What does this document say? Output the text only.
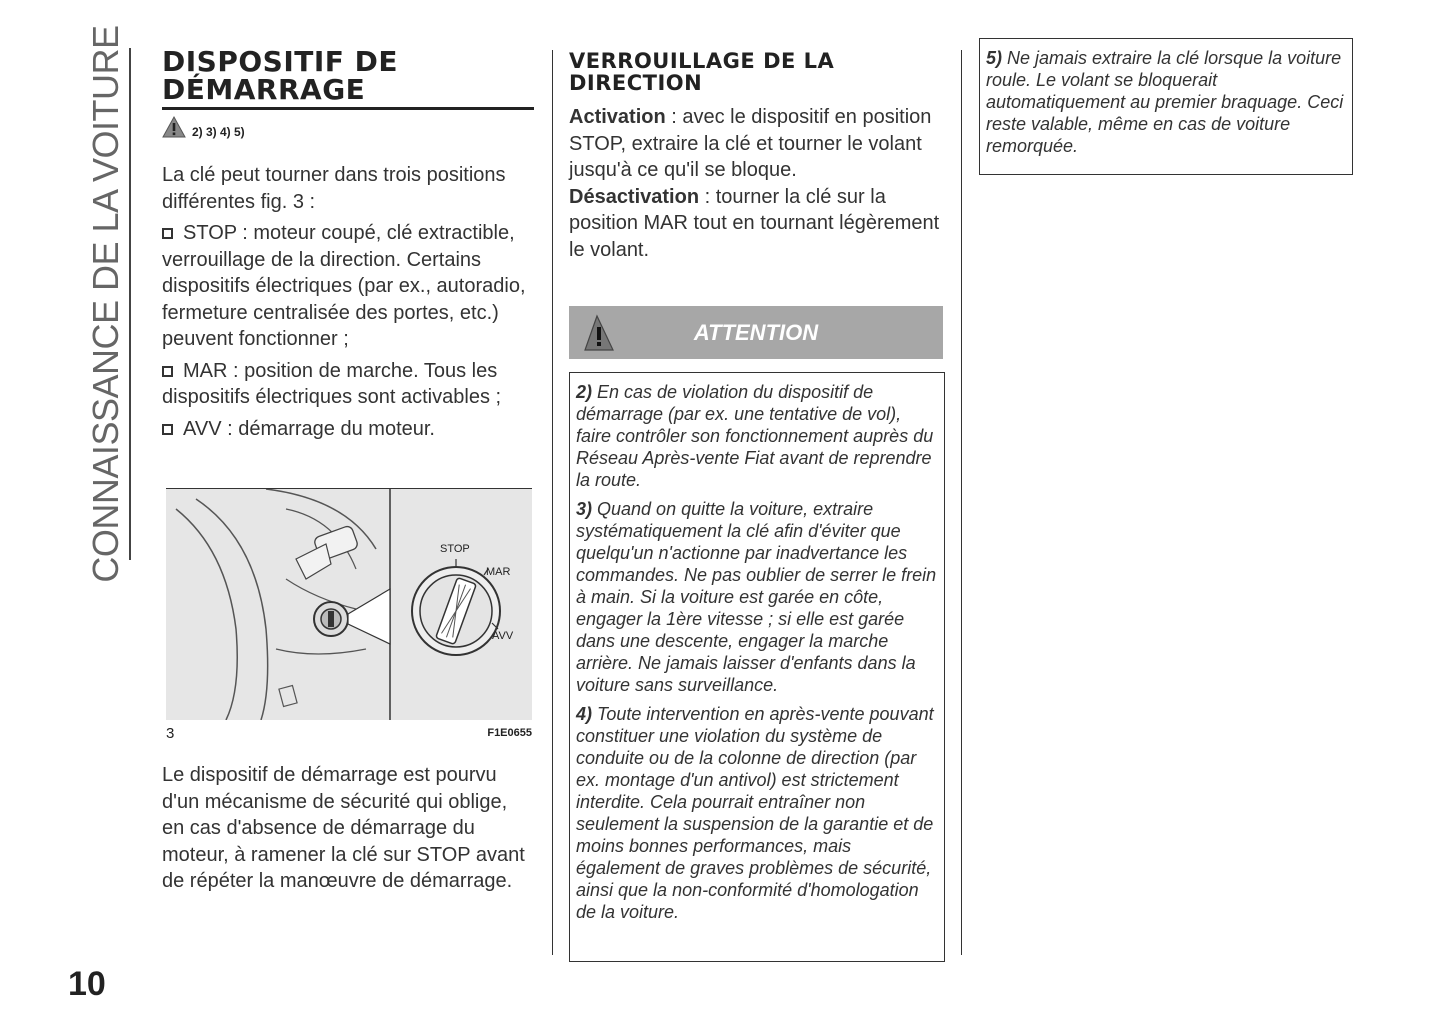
CONNAISSANCE DE LA VOITURE
10
DISPOSITIF DE
DÉMARRAGE
2) 3) 4) 5)

La clé peut tourner dans trois positions différentes fig. 3 :

STOP : moteur coupé, clé extractible, verrouillage de la direction. Certains dispositifs électriques (par ex., autoradio, fermeture centralisée des portes, etc.) peuvent fonctionner ;

MAR : position de marche. Tous les dispositifs électriques sont activables ;

AVV : démarrage du moteur.

STOP
MAR
AVV
3	F1E0655

Le dispositif de démarrage est pourvu d'un mécanisme de sécurité qui oblige, en cas d'absence de démarrage du moteur, à ramener la clé sur STOP avant de répéter la manœuvre de démarrage.

VERROUILLAGE DE LA
DIRECTION

Activation : avec le dispositif en position STOP, extraire la clé et tourner le volant jusqu'à ce qu'il se bloque.

Désactivation : tourner la clé sur la position MAR tout en tournant légèrement le volant.

ATTENTION

2) En cas de violation du dispositif de démarrage (par ex. une tentative de vol), faire contrôler son fonctionnement auprès du Réseau Après-vente Fiat avant de reprendre la route.

3) Quand on quitte la voiture, extraire systématiquement la clé afin d'éviter que quelqu'un n'actionne par inadvertance les commandes. Ne pas oublier de serrer le frein à main. Si la voiture est garée en côte, engager la 1ère vitesse ; si elle est garée dans une descente, engager la marche arrière. Ne jamais laisser d'enfants dans la voiture sans surveillance.

4) Toute intervention en après-vente pouvant constituer une violation du système de conduite ou de la colonne de direction (par ex. montage d'un antivol) est strictement interdite. Cela pourrait entraîner non seulement la suspension de la garantie et de moins bonnes performances, mais également de graves problèmes de sécurité, ainsi que la non-conformité d'homologation de la voiture.

5) Ne jamais extraire la clé lorsque la voiture roule. Le volant se bloquerait automatiquement au premier braquage. Ceci reste valable, même en cas de voiture remorquée.
